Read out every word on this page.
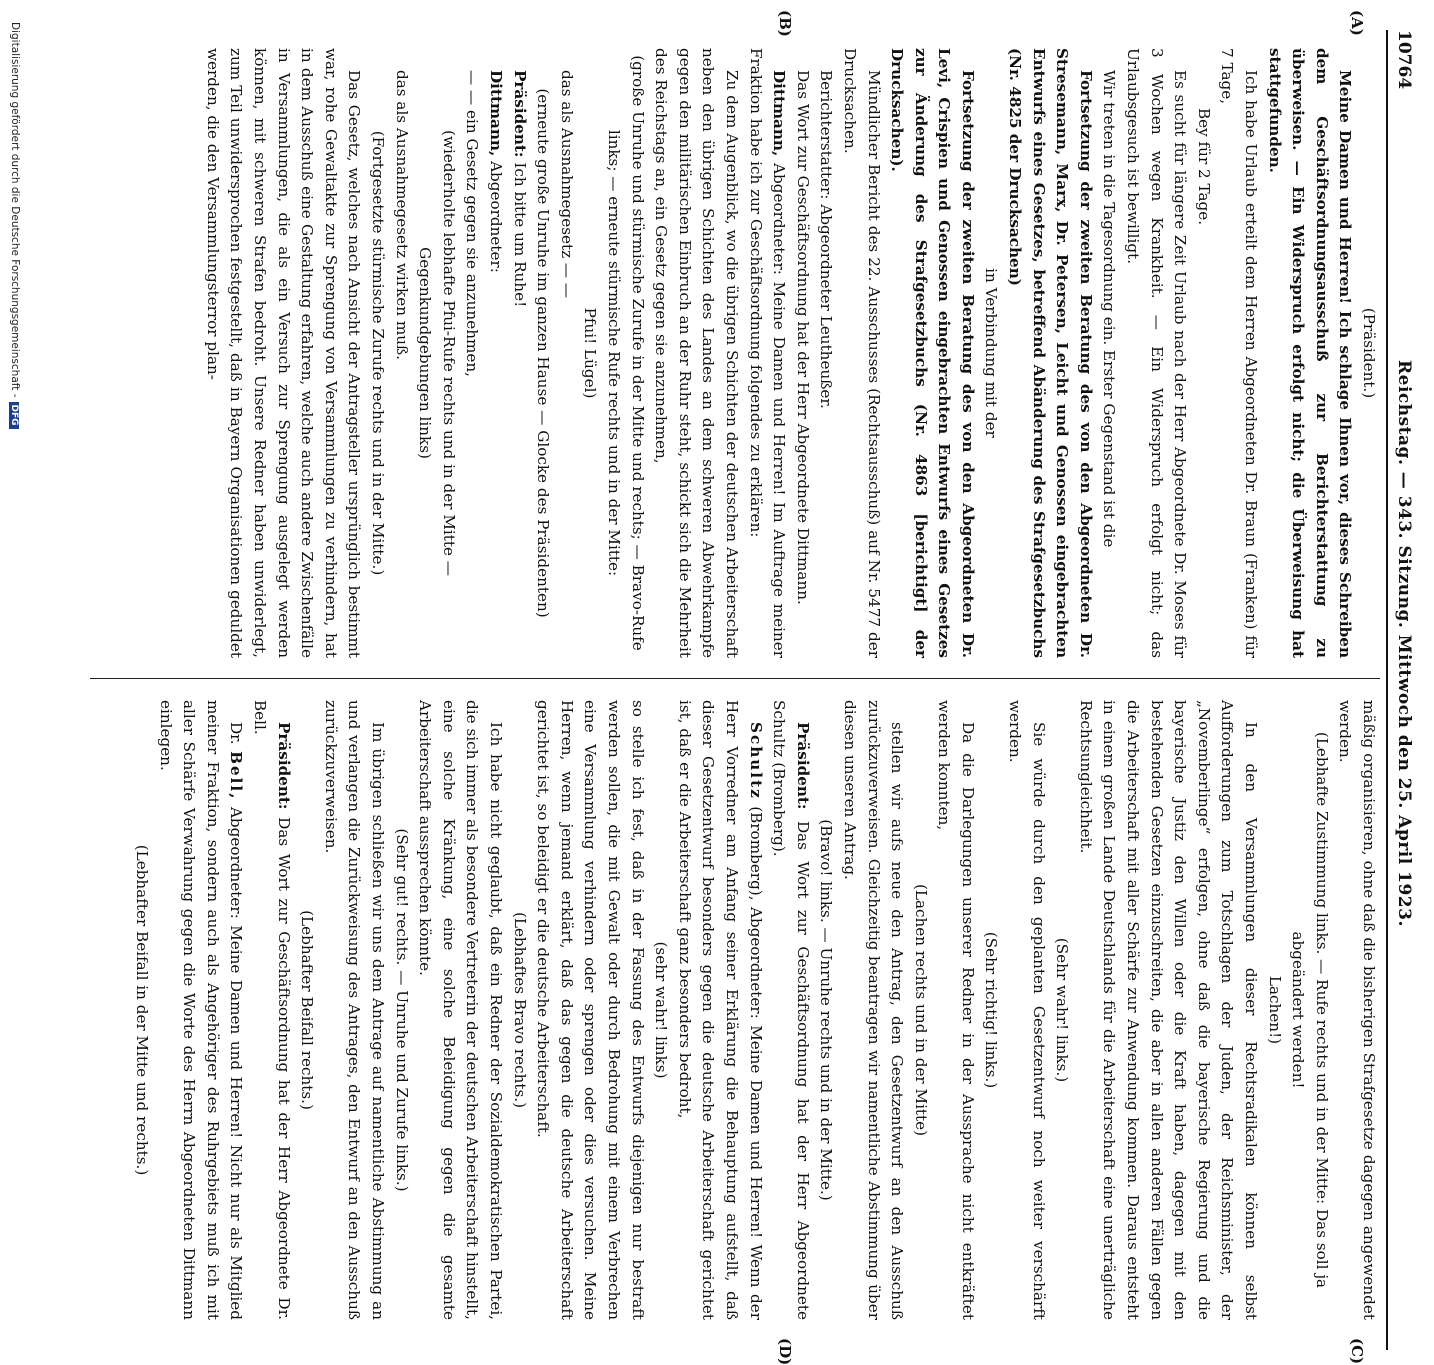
10764
Reichstag. — 343. Sitzung. Mittwoch den 25. April 1923.
(A)
(B)
(C)
(D)

(Präsident.)

Meine Damen und Herren! Ich schlage Ihnen vor, dieses Schreiben dem Geschäftsordnungsausschuß zur Berichterstattung zu überweisen. — Ein Widerspruch erfolgt nicht; die Überweisung hat stattgefunden.

Ich habe Urlaub erteilt dem Herren Abgeordneten Dr. Braun (Franken) für 7 Tage,

Bey für 2 Tage.

Es sucht für längere Zeit Urlaub nach der Herr Abgeordnete Dr. Moses für 3 Wochen wegen Krankheit. — Ein Widerspruch erfolgt nicht; das Urlaubsgesuch ist bewilligt.

Wir treten in die Tagesordnung ein. Erster Gegenstand ist die

Fortsetzung der zweiten Beratung des von den Abgeordneten Dr. Stresemann, Marx, Dr. Petersen, Leicht und Genossen eingebrachten Entwurfs eines Gesetzes, betreffend Abänderung des Strafgesetzbuchs (Nr. 4825 der Drucksachen)

in Verbindung mit der

Fortsetzung der zweiten Beratung des von den Abgeordneten Dr. Levi, Crispien und Genossen eingebrachten Entwurfs eines Gesetzes zur Änderung des Strafgesetzbuchs (Nr. 4863 [berichtigt] der Drucksachen).

Mündlicher Bericht des 22. Ausschusses (Rechtsausschuß) auf Nr. 5477 der Drucksachen.

Berichterstatter: Abgeordneter Leutheußer.

Das Wort zur Geschäftsordnung hat der Herr Abgeordnete Dittmann.

Dittmann, Abgeordneter: Meine Damen und Herren! Im Auftrage meiner Fraktion habe ich zur Geschäftsordnung folgendes zu erklären:

Zu dem Augenblick, wo die übrigen Schichten der deutschen Arbeiterschaft neben den übrigen Schichten des Landes an dem schweren Abwehrkampfe gegen den militärischen Einbruch an der Ruhr steht, schickt sich die Mehrheit des Reichstags an, ein Gesetz gegen sie anzunehmen,

(große Unruhe und stürmische Zurufe in der Mitte und rechts; — Bravo-Rufe links; — erneute stürmische Rufe rechts und in der Mitte:

Pfui! Lügel)

das als Ausnahmegesetz — —

(erneute große Unruhe im ganzen Hause — Glocke des Präsidenten)

Präsident: Ich bitte um Ruhe!

Dittmann, Abgeordneter:

— — ein Gesetz gegen sie anzunehmen,

(wiederholte lebhafte Pfui-Rufe rechts und in der Mitte — Gegenkundgebungen links)

das als Ausnahmegesetz wirken muß.

(Fortgesetzte stürmische Zurufe rechts und in der Mitte.)

Das Gesetz, welches nach Ansicht der Antragsteller ursprünglich bestimmt war, rohe Gewaltakte zur Sprengung von Versammlungen zu verhindern, hat in dem Ausschuß eine Gestaltung erfahren, welche auch andere Zwischenfälle in Versammlungen, die als ein Versuch zur Sprengung ausgelegt werden können, mit schweren Strafen bedroht. Unsere Redner haben unwiderlegt, zum Teil unwidersprochen festgestellt, daß in Bayern Organisationen geduldet werden, die den Versammlungsterror plan-

mäßig organisieren, ohne daß die bisherigen Strafgesetze dagegen angewendet werden.

(Lebhafte Zustimmung links. — Rufe rechts und in der Mitte: Das soll ja abgeändert werden!

Lachen!)

In den Versammlungen dieser Rechtsradikalen können selbst Aufforderungen zum Totschlagen der Juden, der Reichsminister, der „Novemberlinge“ erfolgen, ohne daß die bayerische Regierung und die bayerische Justiz den Willen oder die Kraft haben, dagegen mit den bestehenden Gesetzen einzuschreiten, die aber in allen anderen Fällen gegen die Arbeiterschaft mit aller Schärfe zur Anwendung kommen. Daraus entsteht in einem großen Lande Deutschlands für die Arbeiterschaft eine unerträgliche Rechtsungleichheit.

(Sehr wahr! links.)

Sie würde durch den geplanten Gesetzentwurf noch weiter verschärft werden.

(Sehr richtig! links.)

Da die Darlegungen unserer Redner in der Aussprache nicht entkräftet werden konnten,

(Lachen rechts und in der Mitte)

stellen wir aufs neue den Antrag, den Gesetzentwurf an den Ausschuß zurückzuverweisen. Gleichzeitig beantragen wir namentliche Abstimmung über diesen unseren Antrag.

(Bravo! links. — Unruhe rechts und in der Mitte.)

Präsident: Das Wort zur Geschäftsordnung hat der Herr Abgeordnete Schultz (Bromberg).

Schultz (Bromberg), Abgeordneter: Meine Damen und Herren! Wenn der Herr Vorredner am Anfang seiner Erklärung die Behauptung aufstellt, daß dieser Gesetzentwurf besonders gegen die deutsche Arbeiterschaft gerichtet ist, daß er die Arbeiterschaft ganz besonders bedroht,

(sehr wahr! links)

so stelle ich fest, daß in der Fassung des Entwurfs diejenigen nur bestraft werden sollen, die mit Gewalt oder durch Bedrohung mit einem Verbrechen eine Versammlung verhindern oder sprengen oder dies versuchen. Meine Herren, wenn jemand erklärt, daß das gegen die deutsche Arbeiterschaft gerichtet ist, so beleidigt er die deutsche Arbeiterschaft.

(Lebhaftes Bravo rechts.)

Ich habe nicht geglaubt, daß ein Redner der Sozialdemokratischen Partei, die sich immer als besondere Vertreterin der deutschen Arbeiterschaft hinstellt, eine solche Kränkung, eine solche Beleidigung gegen die gesamte Arbeiterschaft aussprechen könnte.

(Sehr gut! rechts. — Unruhe und Zurufe links.)

Im übrigen schließen wir uns dem Antrage auf namentliche Abstimmung an und verlangen die Zurückweisung des Antrages, den Entwurf an den Ausschuß zurückzuverweisen.

(Lebhafter Beifall rechts.)

Präsident: Das Wort zur Geschäftsordnung hat der Herr Abgeordnete Dr. Bell.

Dr. Bell, Abgeordneter: Meine Damen und Herren! Nicht nur als Mitglied meiner Fraktion, sondern auch als Angehöriger des Ruhrgebiets muß ich mit aller Schärfe Verwahrung gegen die Worte des Herrn Abgeordneten Dittmann einlegen.

(Lebhafter Beifall in der Mitte und rechts.)

Digitalisierung gefördert durch die Deutsche Forschungsgemeinschaft -DFG
